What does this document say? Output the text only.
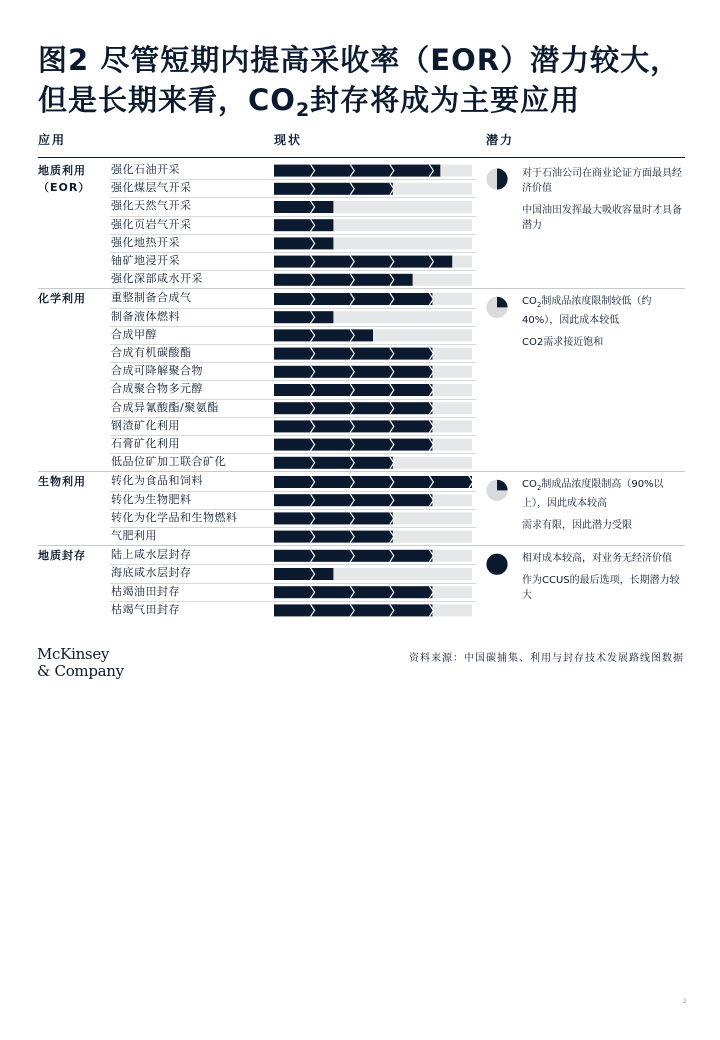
图2 尽管短期内提高采收率（EOR）潜力较大，
但是长期来看，$CO_2$封存将成为主要应用
应用	现状	潜力
地质利用
（EOR）
强化石油开采
强化煤层气开采
强化天然气开采
强化页岩气开采
强化地热开采
铀矿地浸开采
强化深部咸水开采

对于石油公司在商业论证方面最具经济价值

中国油田发挥最大吸收容量时才具备潜力

化学利用 重整制备合成气
制备液体燃料
合成甲醇
合成有机碳酸酯
合成可降解聚合物
合成聚合物多元醇
合成异氰酸酯/聚氨酯
钢渣矿化利用
石膏矿化利用
低品位矿加工联合矿化

$CO_2$制成品浓度限制较低（约40%），因此成本较低

CO2需求接近饱和

生物利用 转化为食品和饲料
转化为生物肥料
转化为化学品和生物燃料
气肥利用

$CO_2$制成品浓度限制高（90%以上），因此成本较高

需求有限，因此潜力受限

地质封存 陆上咸水层封存
海底咸水层封存
枯竭油田封存
枯竭气田封存

相对成本较高，对业务无经济价值

作为CCUS的最后选项，长期潜力较大

McKinsey
& Company
资料来源：中国碳捕集、利用与封存技术发展路线图数据
2
